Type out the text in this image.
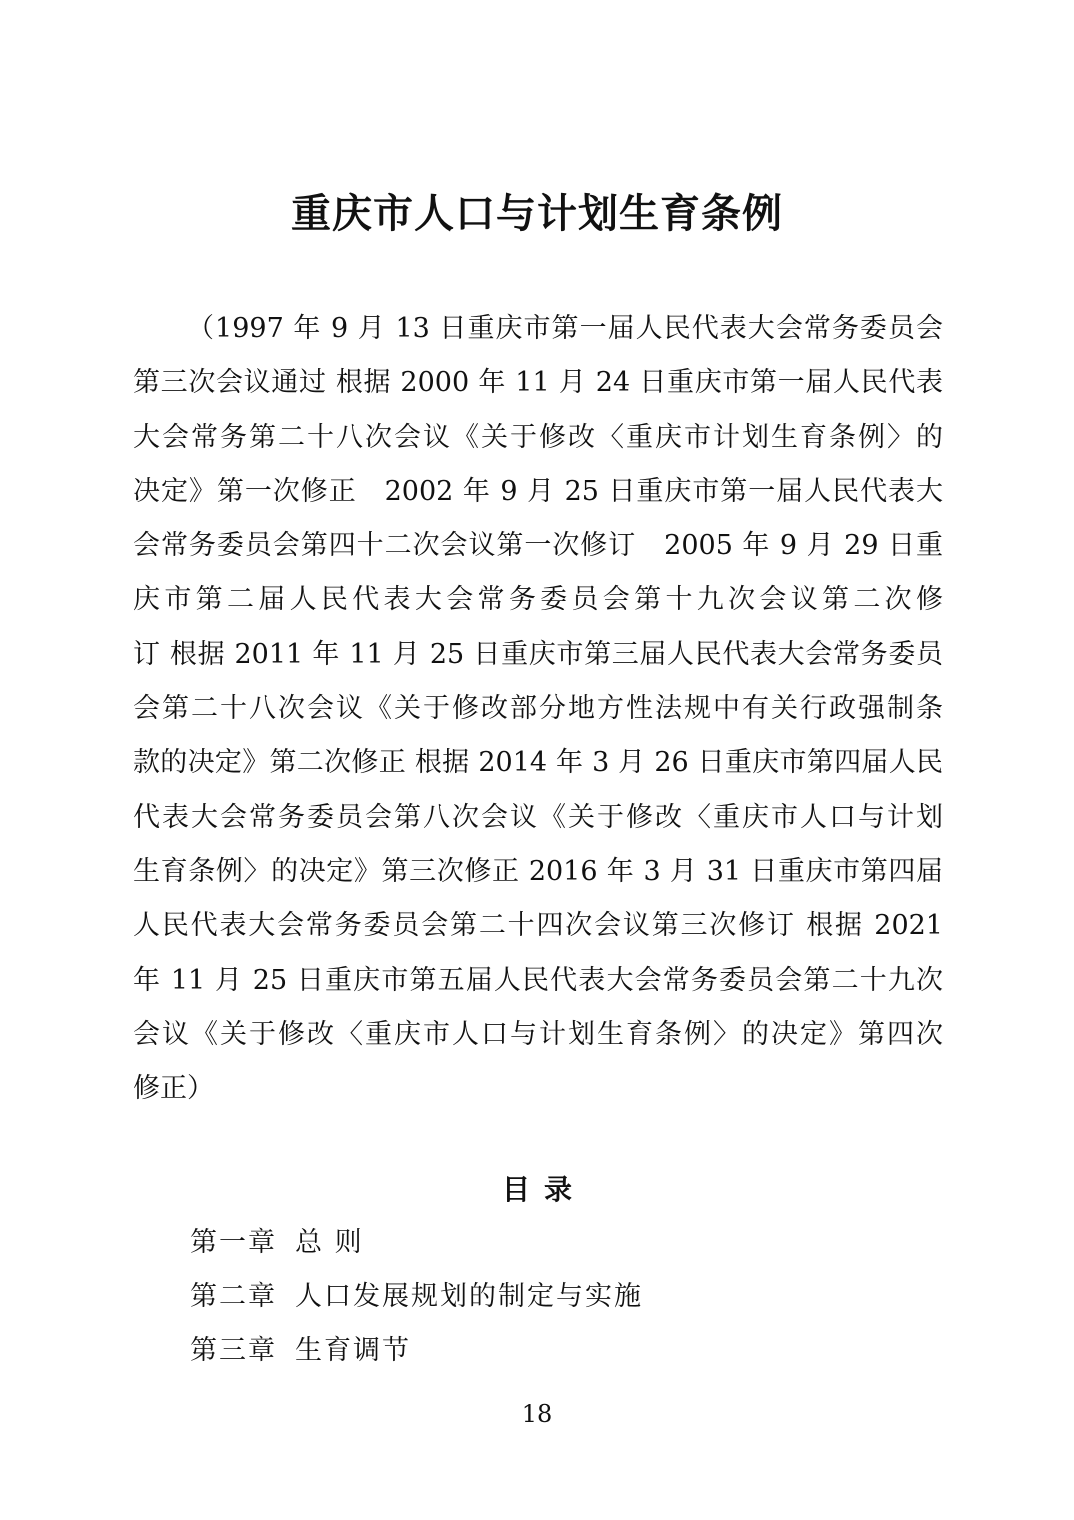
重庆市人口与计划生育条例
（1997 年 9 月 13 日重庆市第一届人民代表大会常务委员会
第三次会议通过 根据 2000 年 11 月 24 日重庆市第一届人民代表
大会常务第二十八次会议《关于修改〈重庆市计划生育条例〉的
决定》第一次修正　2002 年 9 月 25 日重庆市第一届人民代表大
会常务委员会第四十二次会议第一次修订　2005 年 9 月 29 日重
庆市第二届人民代表大会常务委员会第十九次会议第二次修
订 根据 2011 年 11 月 25 日重庆市第三届人民代表大会常务委员
会第二十八次会议《关于修改部分地方性法规中有关行政强制条
款的决定》第二次修正 根据 2014 年 3 月 26 日重庆市第四届人民
代表大会常务委员会第八次会议《关于修改〈重庆市人口与计划
生育条例〉的决定》第三次修正 2016 年 3 月 31 日重庆市第四届
人民代表大会常务委员会第二十四次会议第三次修订 根据 2021
年 11 月 25 日重庆市第五届人民代表大会常务委员会第二十九次
会议《关于修改〈重庆市人口与计划生育条例〉的决定》第四次
修正）
目录
第一章 总 则
第二章 人口发展规划的制定与实施
第三章 生育调节
18
